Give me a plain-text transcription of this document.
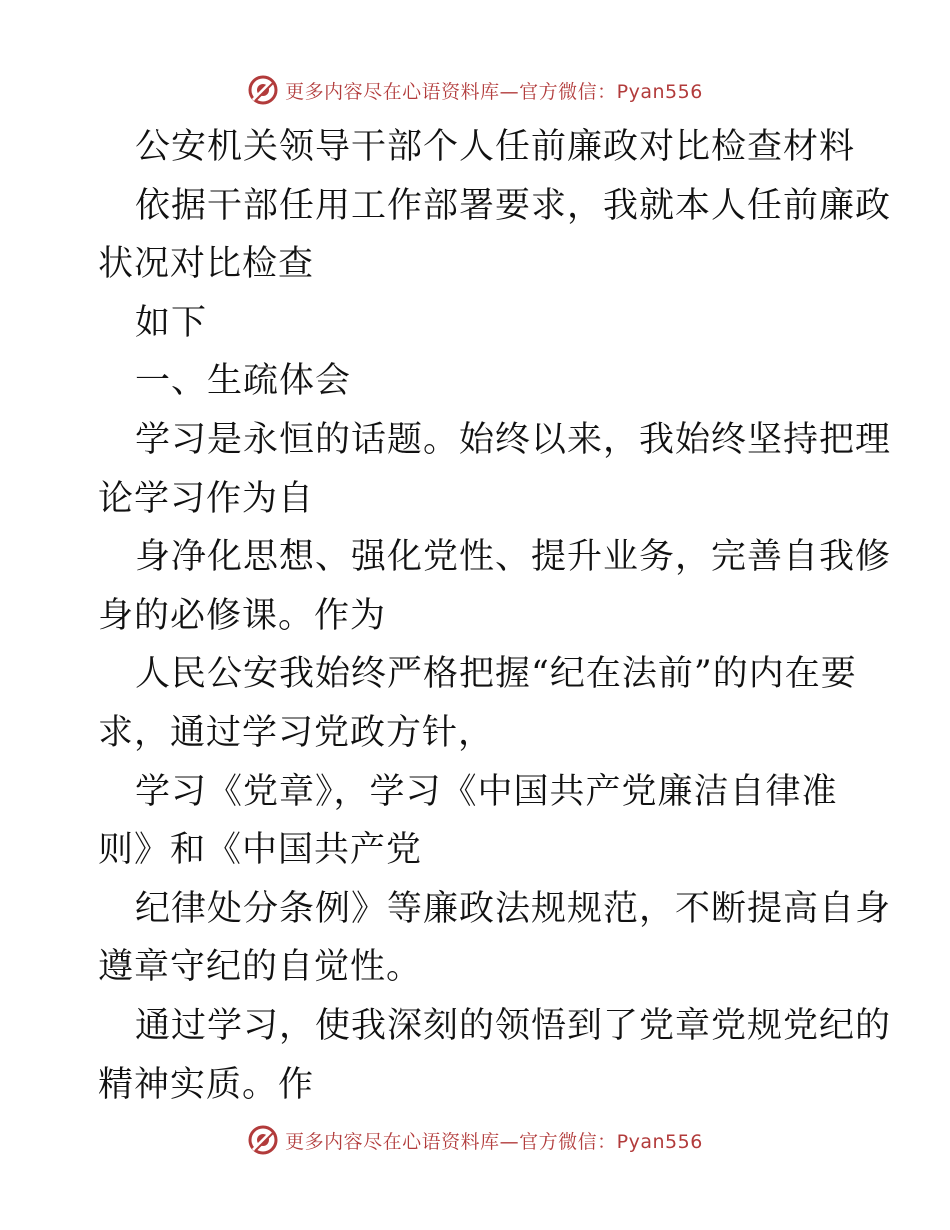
更多内容尽在心语资料库—官方微信：Pyan556
公安机关领导干部个人任前廉政对比检查材料
依据干部任用工作部署要求，我就本人任前廉政
状况对比检查
如下
一、生疏体会
学习是永恒的话题。始终以来，我始终坚持把理
论学习作为自
身净化思想、强化党性、提升业务，完善自我修
身的必修课。作为
人民公安我始终严格把握“纪在法前”的内在要
求，通过学习党政方针，
学习《党章》，学习《中国共产党廉洁自律准
则》和《中国共产党
纪律处分条例》等廉政法规规范，不断提高自身
遵章守纪的自觉性。
通过学习，使我深刻的领悟到了党章党规党纪的
精神实质。作
更多内容尽在心语资料库—官方微信：Pyan556
